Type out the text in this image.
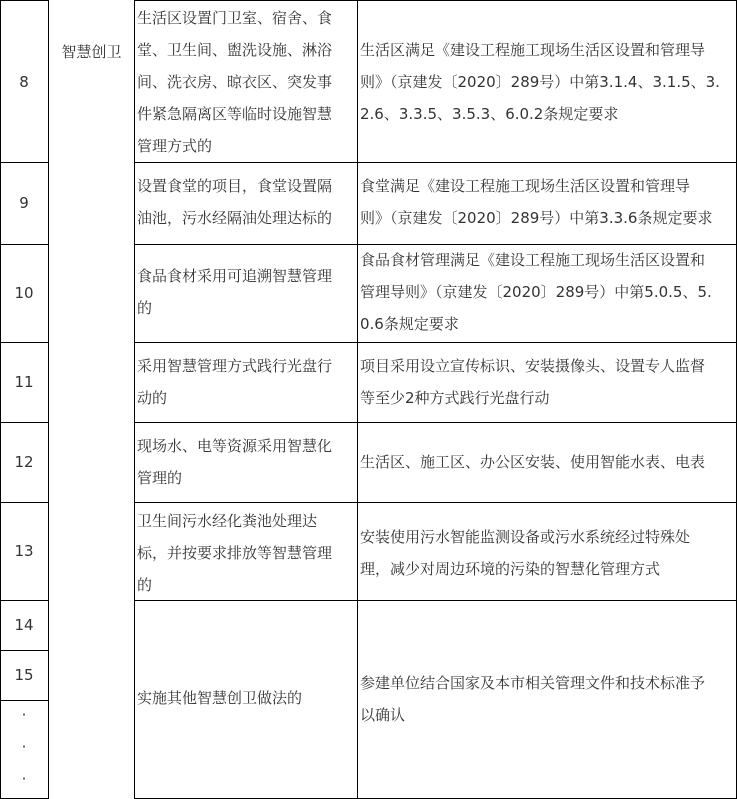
8
智慧创卫
生活区设置门卫室、宿舍、食
堂、卫生间、盥洗设施、淋浴
间、洗衣房、晾衣区、突发事
件紧急隔离区等临时设施智慧
管理方式的
生活区满足《建设工程施工现场生活区设置和管理导
则》（京建发〔2020〕289号）中第3.1.4、3.1.5、3.
2.6、3.3.5、3.5.3、6.0.2条规定要求
9
设置食堂的项目，食堂设置隔
油池，污水经隔油处理达标的
食堂满足《建设工程施工现场生活区设置和管理导
则》（京建发〔2020〕289号）中第3.3.6条规定要求
10
食品食材采用可追溯智慧管理
的
食品食材管理满足《建设工程施工现场生活区设置和
管理导则》（京建发〔2020〕289号）中第5.0.5、5.
0.6条规定要求
11
采用智慧管理方式践行光盘行
动的
项目采用设立宣传标识、安装摄像头、设置专人监督
等至少2种方式践行光盘行动
12
现场水、电等资源采用智慧化
管理的
生活区、施工区、办公区安装、使用智能水表、电表
13
卫生间污水经化粪池处理达
标，并按要求排放等智慧管理
的
安装使用污水智能监测设备或污水系统经过特殊处
理，减少对周边环境的污染的智慧化管理方式
14
15
实施其他智慧创卫做法的
参建单位结合国家及本市相关管理文件和技术标准予
以确认
·
·
·
